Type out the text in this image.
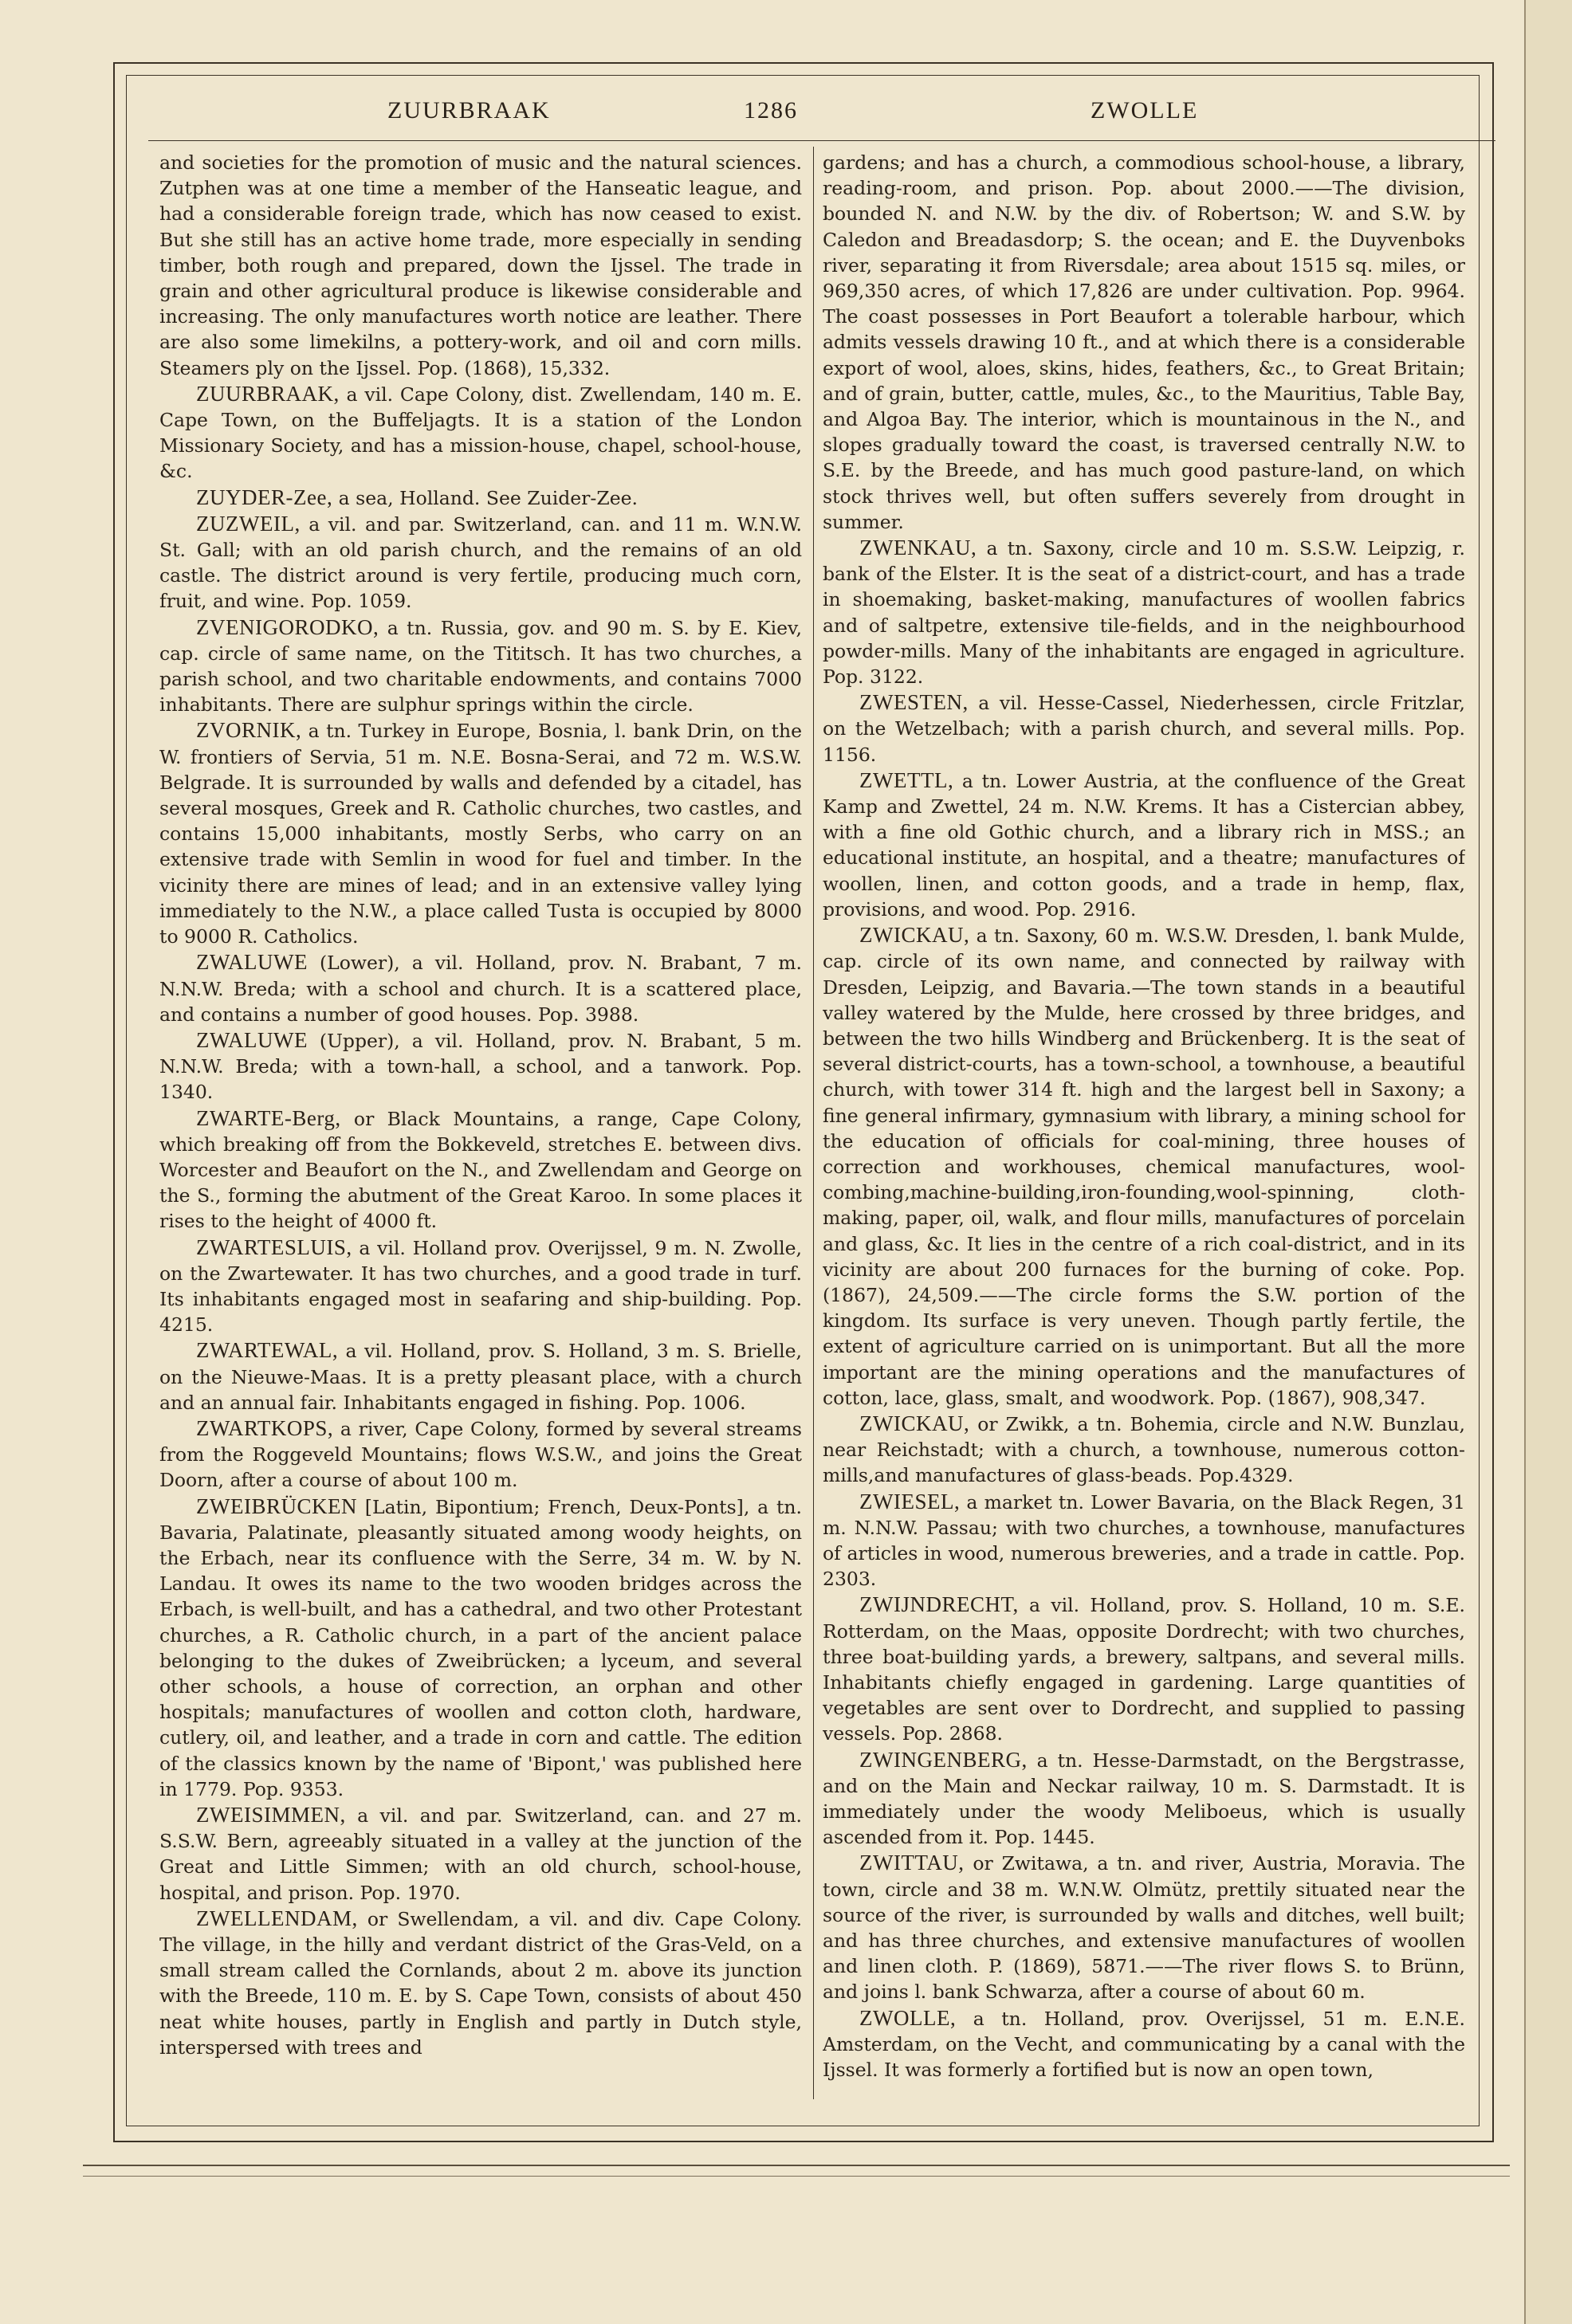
ZUURBRAAK	1286	ZWOLLE

and societies for the promotion of music and the natural sciences. Zutphen was at one time a member of the Hanseatic league, and had a considerable foreign trade, which has now ceased to exist. But she still has an active home trade, more especially in sending timber, both rough and prepared, down the Ijssel. The trade in grain and other agricultural produce is likewise considerable and increasing. The only manufactures worth notice are leather. There are also some limekilns, a pottery-work, and oil and corn mills. Steamers ply on the Ijssel. Pop. (1868), 15,332.

ZUURBRAAK, a vil. Cape Colony, dist. Zwellendam, 140 m. E. Cape Town, on the Buffeljagts. It is a station of the London Missionary Society, and has a mission-house, chapel, school-house, &c.

ZUYDER-Zee, a sea, Holland. See Zuider-Zee.

ZUZWEIL, a vil. and par. Switzerland, can. and 11 m. W.N.W. St. Gall; with an old parish church, and the remains of an old castle. The district around is very fertile, producing much corn, fruit, and wine. Pop. 1059.

ZVENIGORODKO, a tn. Russia, gov. and 90 m. S. by E. Kiev, cap. circle of same name, on the Tititsch. It has two churches, a parish school, and two charitable endowments, and contains 7000 inhabitants. There are sulphur springs within the circle.

ZVORNIK, a tn. Turkey in Europe, Bosnia, l. bank Drin, on the W. frontiers of Servia, 51 m. N.E. Bosna-Serai, and 72 m. W.S.W. Belgrade. It is surrounded by walls and defended by a citadel, has several mosques, Greek and R. Catholic churches, two castles, and contains 15,000 inhabitants, mostly Serbs, who carry on an extensive trade with Semlin in wood for fuel and timber. In the vicinity there are mines of lead; and in an extensive valley lying immediately to the N.W., a place called Tusta is occupied by 8000 to 9000 R. Catholics.

ZWALUWE (Lower), a vil. Holland, prov. N. Brabant, 7 m. N.N.W. Breda; with a school and church. It is a scattered place, and contains a number of good houses. Pop. 3988.

ZWALUWE (Upper), a vil. Holland, prov. N. Brabant, 5 m. N.N.W. Breda; with a town-hall, a school, and a tanwork. Pop. 1340.

ZWARTE-Berg, or Black Mountains, a range, Cape Colony, which breaking off from the Bokkeveld, stretches E. between divs. Worcester and Beaufort on the N., and Zwellendam and George on the S., forming the abutment of the Great Karoo. In some places it rises to the height of 4000 ft.

ZWARTESLUIS, a vil. Holland prov. Overijssel, 9 m. N. Zwolle, on the Zwartewater. It has two churches, and a good trade in turf. Its inhabitants engaged most in seafaring and ship-building. Pop. 4215.

ZWARTEWAL, a vil. Holland, prov. S. Holland, 3 m. S. Brielle, on the Nieuwe-Maas. It is a pretty pleasant place, with a church and an annual fair. Inhabitants engaged in fishing. Pop. 1006.

ZWARTKOPS, a river, Cape Colony, formed by several streams from the Roggeveld Mountains; flows W.S.W., and joins the Great Doorn, after a course of about 100 m.

ZWEIBRÜCKEN [Latin, Bipontium; French, Deux-Ponts], a tn. Bavaria, Palatinate, pleasantly situated among woody heights, on the Erbach, near its confluence with the Serre, 34 m. W. by N. Landau. It owes its name to the two wooden bridges across the Erbach, is well-built, and has a cathedral, and two other Protestant churches, a R. Catholic church, in a part of the ancient palace belonging to the dukes of Zweibrücken; a lyceum, and several other schools, a house of correction, an orphan and other hospitals; manufactures of woollen and cotton cloth, hardware, cutlery, oil, and leather, and a trade in corn and cattle. The edition of the classics known by the name of 'Bipont,' was published here in 1779. Pop. 9353.

ZWEISIMMEN, a vil. and par. Switzerland, can. and 27 m. S.S.W. Bern, agreeably situated in a valley at the junction of the Great and Little Simmen; with an old church, school-house, hospital, and prison. Pop. 1970.

ZWELLENDAM, or Swellendam, a vil. and div. Cape Colony. The village, in the hilly and verdant district of the Gras-Veld, on a small stream called the Cornlands, about 2 m. above its junction with the Breede, 110 m. E. by S. Cape Town, consists of about 450 neat white houses, partly in English and partly in Dutch style, interspersed with trees and

gardens; and has a church, a commodious school-house, a library, reading-room, and prison. Pop. about 2000.——The division, bounded N. and N.W. by the div. of Robertson; W. and S.W. by Caledon and Breadasdorp; S. the ocean; and E. the Duyvenboks river, separating it from Riversdale; area about 1515 sq. miles, or 969,350 acres, of which 17,826 are under cultivation. Pop. 9964. The coast possesses in Port Beaufort a tolerable harbour, which admits vessels drawing 10 ft., and at which there is a considerable export of wool, aloes, skins, hides, feathers, &c., to Great Britain; and of grain, butter, cattle, mules, &c., to the Mauritius, Table Bay, and Algoa Bay. The interior, which is mountainous in the N., and slopes gradually toward the coast, is traversed centrally N.W. to S.E. by the Breede, and has much good pasture-land, on which stock thrives well, but often suffers severely from drought in summer.

ZWENKAU, a tn. Saxony, circle and 10 m. S.S.W. Leipzig, r. bank of the Elster. It is the seat of a district-court, and has a trade in shoemaking, basket-making, manufactures of woollen fabrics and of saltpetre, extensive tile-fields, and in the neighbourhood powder-mills. Many of the inhabitants are engaged in agriculture. Pop. 3122.

ZWESTEN, a vil. Hesse-Cassel, Niederhessen, circle Fritzlar, on the Wetzelbach; with a parish church, and several mills. Pop. 1156.

ZWETTL, a tn. Lower Austria, at the confluence of the Great Kamp and Zwettel, 24 m. N.W. Krems. It has a Cistercian abbey, with a fine old Gothic church, and a library rich in MSS.; an educational institute, an hospital, and a theatre; manufactures of woollen, linen, and cotton goods, and a trade in hemp, flax, provisions, and wood. Pop. 2916.

ZWICKAU, a tn. Saxony, 60 m. W.S.W. Dresden, l. bank Mulde, cap. circle of its own name, and connected by railway with Dresden, Leipzig, and Bavaria.—The town stands in a beautiful valley watered by the Mulde, here crossed by three bridges, and between the two hills Windberg and Brückenberg. It is the seat of several district-courts, has a town-school, a townhouse, a beautiful church, with tower 314 ft. high and the largest bell in Saxony; a fine general infirmary, gymnasium with library, a mining school for the education of officials for coal-mining, three houses of correction and workhouses, chemical manufactures, wool-combing,machine-building,iron-founding,wool-spinning, cloth-making, paper, oil, walk, and flour mills, manufactures of porcelain and glass, &c. It lies in the centre of a rich coal-district, and in its vicinity are about 200 furnaces for the burning of coke. Pop. (1867), 24,509.——The circle forms the S.W. portion of the kingdom. Its surface is very uneven. Though partly fertile, the extent of agriculture carried on is unimportant. But all the more important are the mining operations and the manufactures of cotton, lace, glass, smalt, and woodwork. Pop. (1867), 908,347.

ZWICKAU, or Zwikk, a tn. Bohemia, circle and N.W. Bunzlau, near Reichstadt; with a church, a townhouse, numerous cotton-mills,and manufactures of glass-beads. Pop.4329.

ZWIESEL, a market tn. Lower Bavaria, on the Black Regen, 31 m. N.N.W. Passau; with two churches, a townhouse, manufactures of articles in wood, numerous breweries, and a trade in cattle. Pop. 2303.

ZWIJNDRECHT, a vil. Holland, prov. S. Holland, 10 m. S.E. Rotterdam, on the Maas, opposite Dordrecht; with two churches, three boat-building yards, a brewery, saltpans, and several mills. Inhabitants chiefly engaged in gardening. Large quantities of vegetables are sent over to Dordrecht, and supplied to passing vessels. Pop. 2868.

ZWINGENBERG, a tn. Hesse-Darmstadt, on the Bergstrasse, and on the Main and Neckar railway, 10 m. S. Darmstadt. It is immediately under the woody Meliboeus, which is usually ascended from it. Pop. 1445.

ZWITTAU, or Zwitawa, a tn. and river, Austria, Moravia. The town, circle and 38 m. W.N.W. Olmütz, prettily situated near the source of the river, is surrounded by walls and ditches, well built; and has three churches, and extensive manufactures of woollen and linen cloth. P. (1869), 5871.——The river flows S. to Brünn, and joins l. bank Schwarza, after a course of about 60 m.

ZWOLLE, a tn. Holland, prov. Overijssel, 51 m. E.N.E. Amsterdam, on the Vecht, and communicating by a canal with the Ijssel. It was formerly a fortified but is now an open town,
